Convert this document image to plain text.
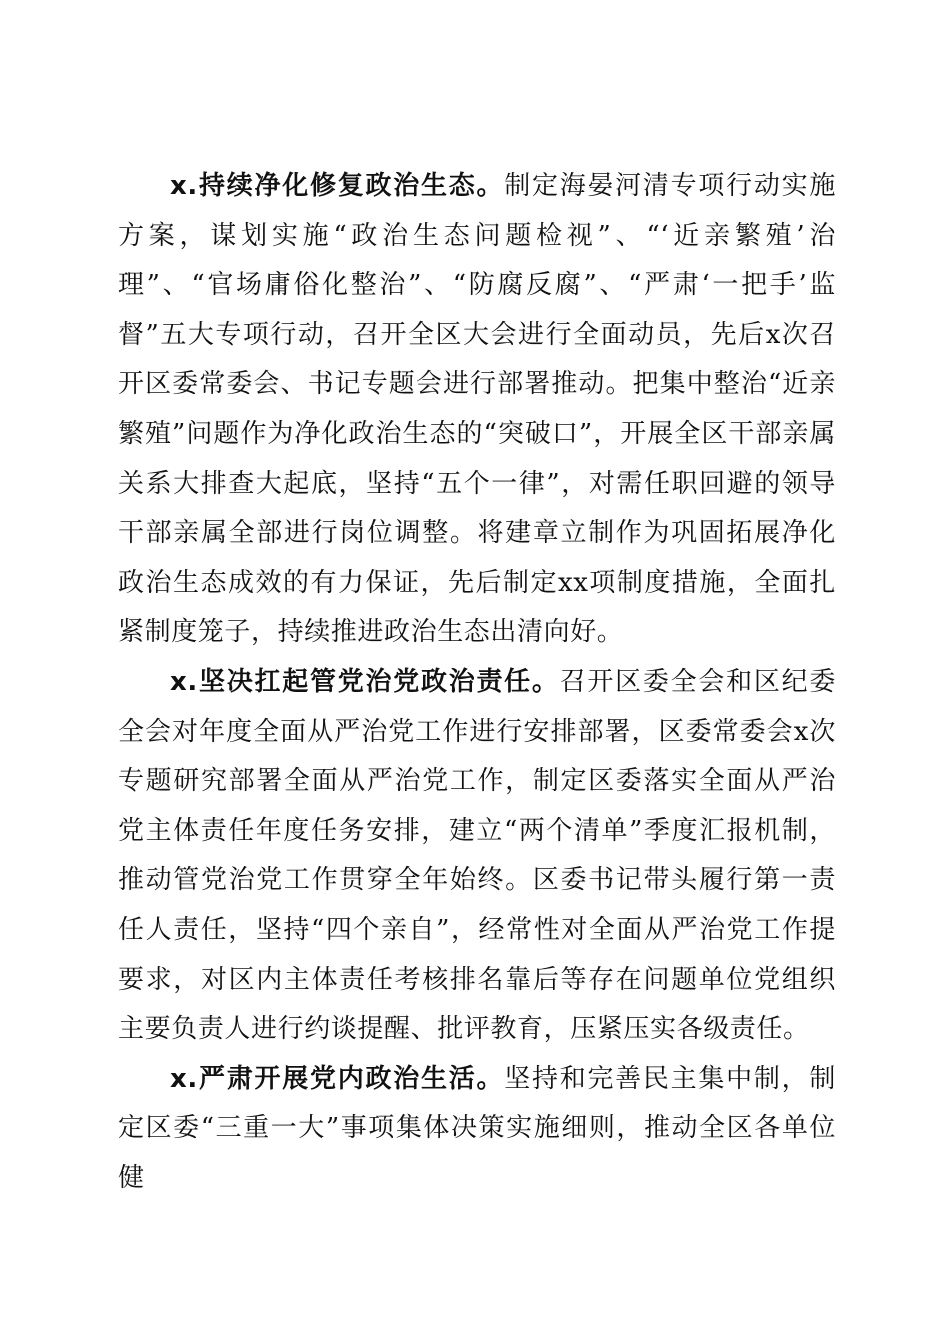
x.持续净化修复政治生态。制定海晏河清专项行动实施方案，谋划实施“政治生态问题检视”、“‘近亲繁殖’治理”、“官场庸俗化整治”、“防腐反腐”、“严肃‘一把手’监督”五大专项行动，召开全区大会进行全面动员，先后x次召开区委常委会、书记专题会进行部署推动。把集中整治“近亲繁殖”问题作为净化政治生态的“突破口”，开展全区干部亲属关系大排查大起底，坚持“五个一律”，对需任职回避的领导干部亲属全部进行岗位调整。将建章立制作为巩固拓展净化政治生态成效的有力保证，先后制定xx项制度措施，全面扎紧制度笼子，持续推进政治生态出清向好。

x.坚决扛起管党治党政治责任。召开区委全会和区纪委全会对年度全面从严治党工作进行安排部署，区委常委会x次专题研究部署全面从严治党工作，制定区委落实全面从严治党主体责任年度任务安排，建立“两个清单”季度汇报机制，推动管党治党工作贯穿全年始终。区委书记带头履行第一责任人责任，坚持“四个亲自”，经常性对全面从严治党工作提要求，对区内主体责任考核排名靠后等存在问题单位党组织主要负责人进行约谈提醒、批评教育，压紧压实各级责任。

x.严肃开展党内政治生活。坚持和完善民主集中制，制定区委“三重一大”事项集体决策实施细则，推动全区各单位健
